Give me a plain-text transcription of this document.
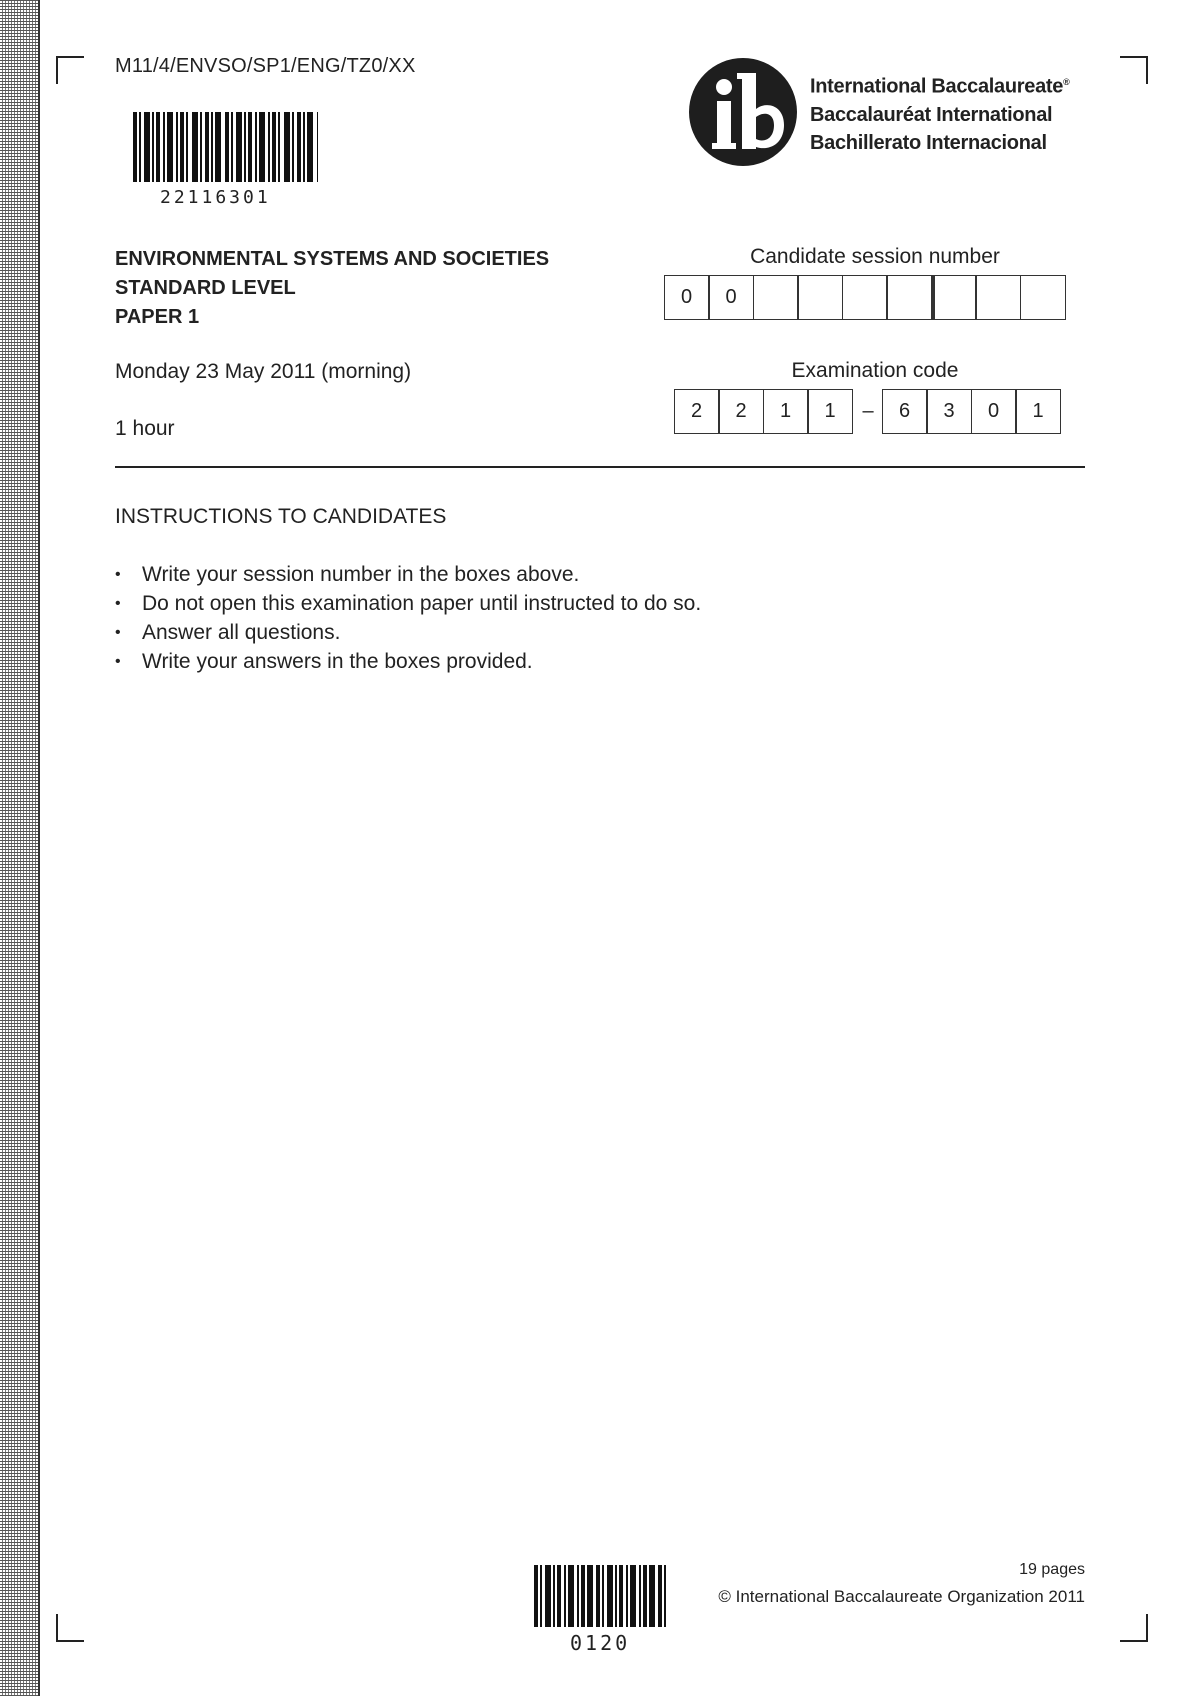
M11/4/ENVSO/SP1/ENG/TZ0/XX
22116301
International Baccalaureate®
Baccalauréat International
Bachillerato Internacional
ENVIRONMENTAL SYSTEMS AND SOCIETIES
STANDARD LEVEL
PAPER 1
Monday 23 May 2011 (morning)
1 hour
Candidate session number
0	0
Examination code
2	2	1	1	–	6	3	0	1
INSTRUCTIONS TO CANDIDATES
• Write your session number in the boxes above.
• Do not open this examination paper until instructed to do so.
• Answer all questions.
• Write your answers in the boxes provided.
0120
19 pages
© International Baccalaureate Organization 2011
